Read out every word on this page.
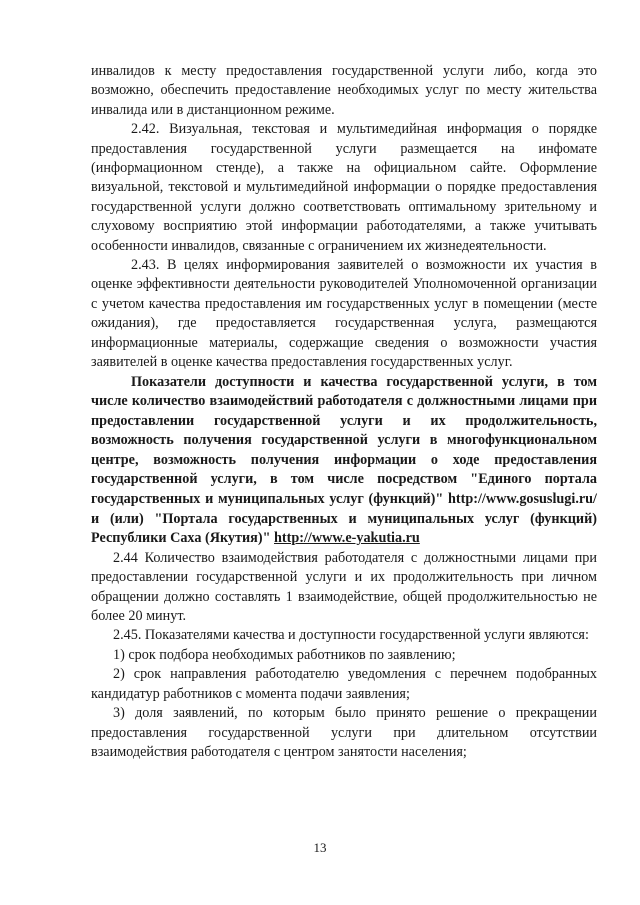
инвалидов к месту предоставления государственной услуги либо, когда это возможно, обеспечить предоставление необходимых услуг по месту жительства инвалида или в дистанционном режиме.

2.42. Визуальная, текстовая и мультимедийная информация о порядке предоставления государственной услуги размещается на инфомате (информационном стенде), а также на официальном сайте. Оформление визуальной, текстовой и мультимедийной информации о порядке предоставления государственной услуги должно соответствовать оптимальному зрительному и слуховому восприятию этой информации работодателями, а также учитывать особенности инвалидов, связанные с ограничением их жизнедеятельности.

2.43. В целях информирования заявителей о возможности их участия в оценке эффективности деятельности руководителей Уполномоченной организации с учетом качества предоставления им государственных услуг в помещении (месте ожидания), где предоставляется государственная услуга, размещаются информационные материалы, содержащие сведения о возможности участия заявителей в оценке качества предоставления государственных услуг.

Показатели доступности и качества государственной услуги, в том числе количество взаимодействий работодателя с должностными лицами при предоставлении государственной услуги и их продолжительность, возможность получения государственной услуги в многофункциональном центре, возможность получения информации о ходе предоставления государственной услуги, в том числе посредством "Единого портала государственных и муниципальных услуг (функций)" http://www.gosuslugi.ru/ и (или) "Портала государственных и муниципальных услуг (функций) Республики Саха (Якутия)" http://www.e-yakutia.ru

2.44 Количество взаимодействия работодателя с должностными лицами при предоставлении государственной услуги и их продолжительность при личном обращении должно составлять 1 взаимодействие, общей продолжительностью не более 20 минут.

2.45. Показателями качества и доступности государственной услуги являются:

1) срок подбора необходимых работников по заявлению;

2) срок направления работодателю уведомления с перечнем подобранных кандидатур работников с момента подачи заявления;

3) доля заявлений, по которым было принято решение о прекращении предоставления государственной услуги при длительном отсутствии взаимодействия работодателя с центром занятости населения;

13
